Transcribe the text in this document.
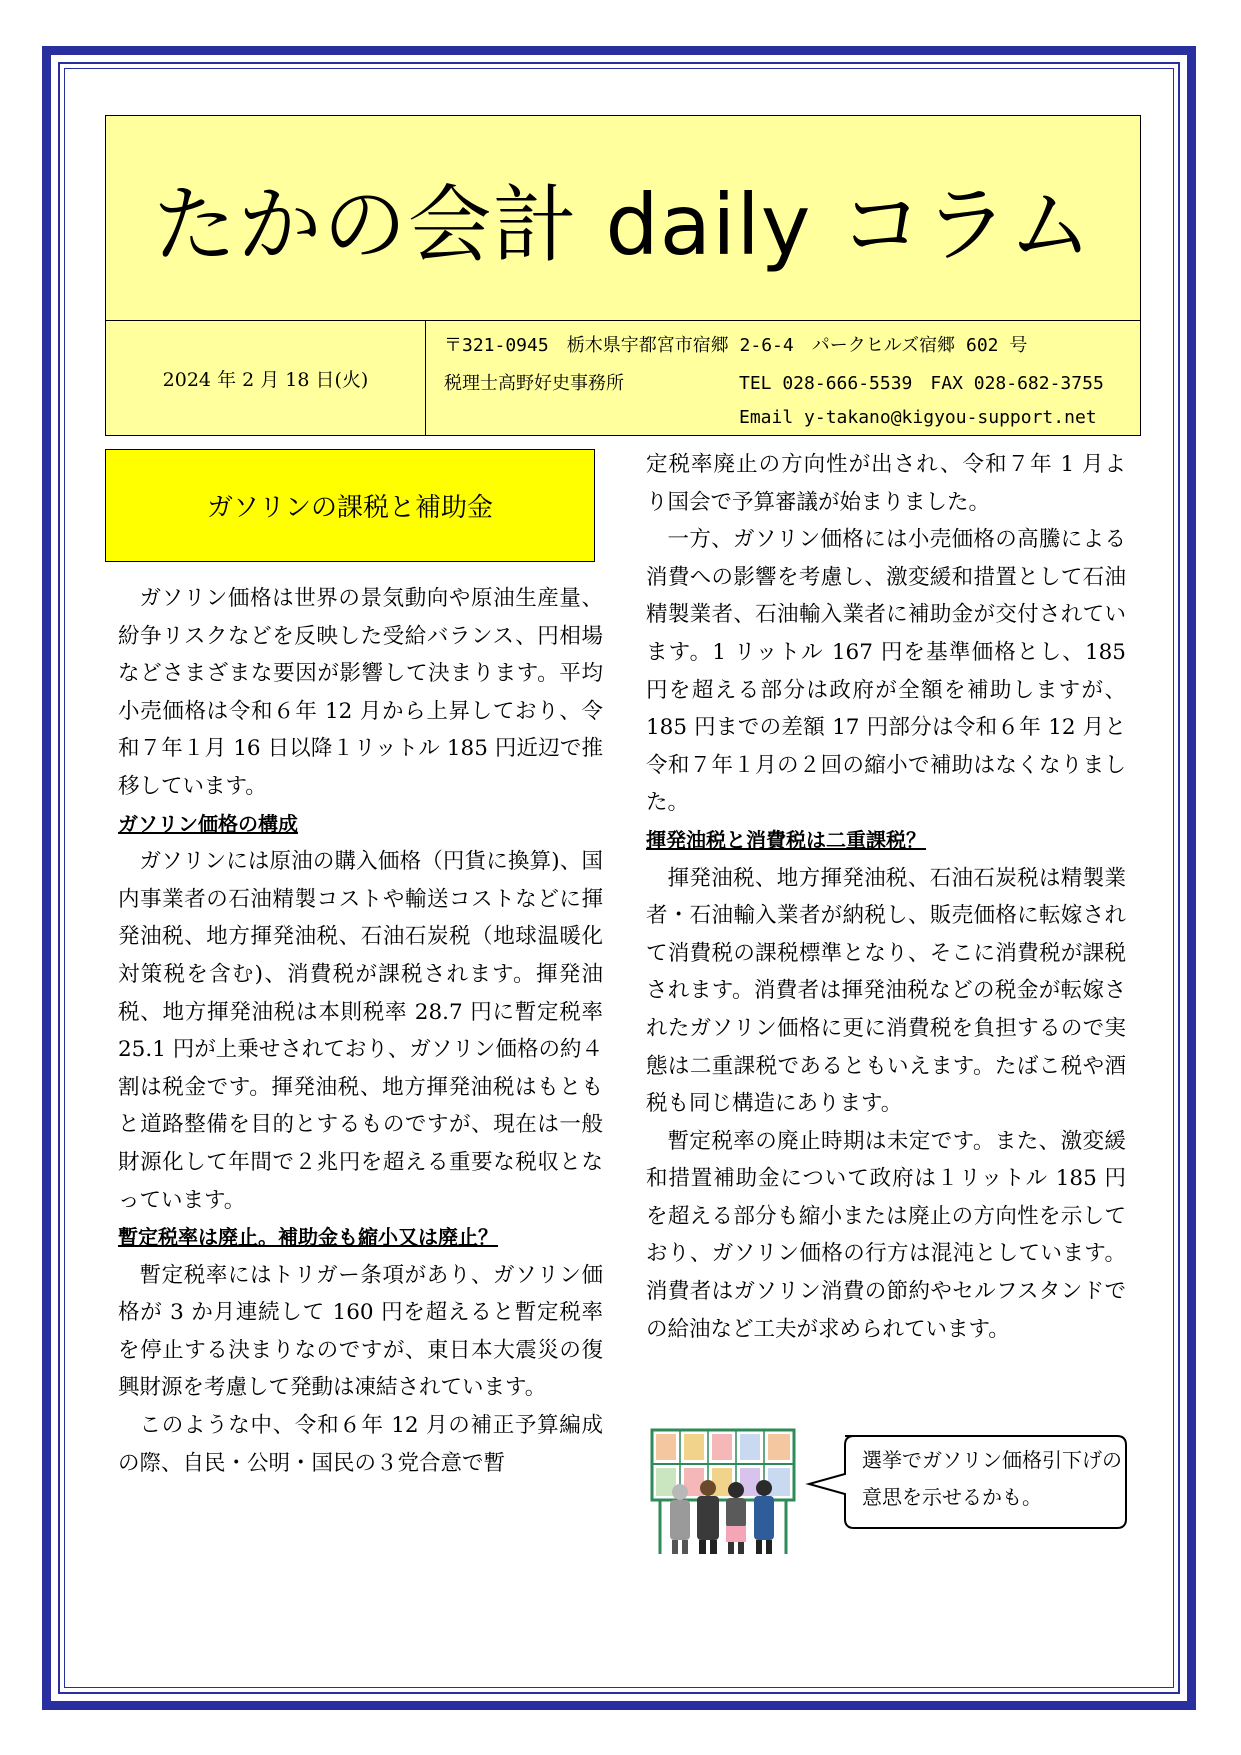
たかの会計 daily コラム
2024 年 2 月 18 日(火)
〒321-0945　栃木県宇都宮市宿郷 2-6-4　パークヒルズ宿郷 602 号
税理士高野好史事務所	TEL 028-666-5539　FAX 028-682-3755
Email y-takano@kigyou-support.net
ガソリンの課税と補助金

ガソリン価格は世界の景気動向や原油生産量、紛争リスクなどを反映した受給バランス、円相場などさまざまな要因が影響して決まります。平均小売価格は令和６年 12 月から上昇しており、令和７年１月 16 日以降１リットル 185 円近辺で推移しています。

ガソリン価格の構成

ガソリンには原油の購入価格（円貨に換算)、国内事業者の石油精製コストや輸送コストなどに揮発油税、地方揮発油税、石油石炭税（地球温暖化対策税を含む)、消費税が課税されます。揮発油税、地方揮発油税は本則税率 28.7 円に暫定税率 25.1 円が上乗せされており、ガソリン価格の約４割は税金です。揮発油税、地方揮発油税はもともと道路整備を目的とするものですが、現在は一般財源化して年間で２兆円を超える重要な税収となっています。

暫定税率は廃止。補助金も縮小又は廃止？

暫定税率にはトリガー条項があり、ガソリン価格が 3 か月連続して 160 円を超えると暫定税率を停止する決まりなのですが、東日本大震災の復興財源を考慮して発動は凍結されています。

このような中、令和６年 12 月の補正予算編成の際、自民・公明・国民の３党合意で暫

定税率廃止の方向性が出され、令和７年 1 月より国会で予算審議が始まりました。

一方、ガソリン価格には小売価格の高騰による消費への影響を考慮し、激変緩和措置として石油精製業者、石油輸入業者に補助金が交付されています。1 リットル 167 円を基準価格とし、185 円を超える部分は政府が全額を補助しますが、185 円までの差額 17 円部分は令和６年 12 月と令和７年１月の２回の縮小で補助はなくなりました。

揮発油税と消費税は二重課税？

揮発油税、地方揮発油税、石油石炭税は精製業者・石油輸入業者が納税し、販売価格に転嫁されて消費税の課税標準となり、そこに消費税が課税されます。消費者は揮発油税などの税金が転嫁されたガソリン価格に更に消費税を負担するので実態は二重課税であるともいえます。たばこ税や酒税も同じ構造にあります。

暫定税率の廃止時期は未定です。また、激変緩和措置補助金について政府は１リットル 185 円を超える部分も縮小または廃止の方向性を示しており、ガソリン価格の行方は混沌としています。消費者はガソリン消費の節約やセルフスタンドでの給油など工夫が求められています。

選挙でガソリン価格引下げの意思を示せるかも。
